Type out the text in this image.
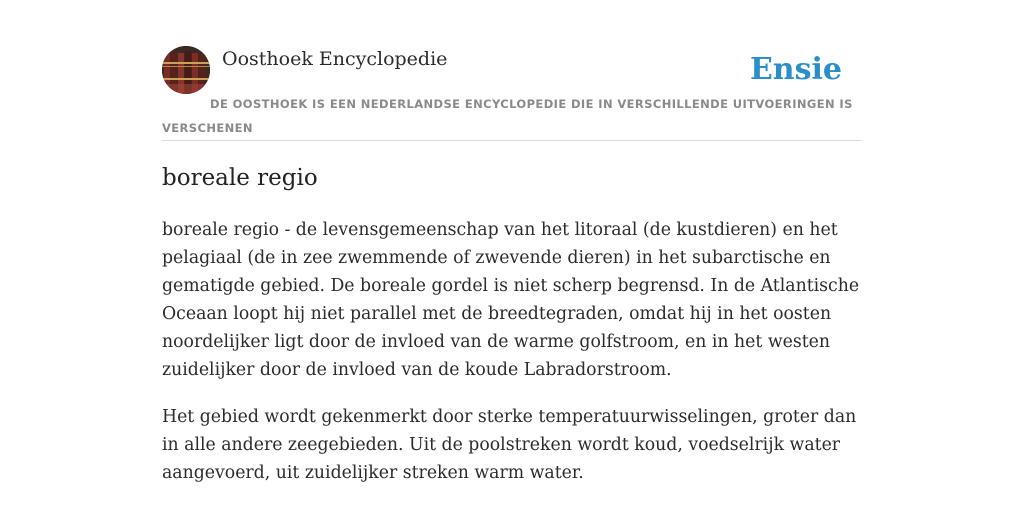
Oosthoek Encyclopedie	Ensie
DE OOSTHOEK IS EEN NEDERLANDSE ENCYCLOPEDIE DIE IN VERSCHILLENDE UITVOERINGEN IS VERSCHENEN
boreale regio

boreale regio - de levensgemeenschap van het litoraal (de kustdieren) en het pelagiaal (de in zee zwemmende of zwevende dieren) in het subarctische en gematigde gebied. De boreale gordel is niet scherp begrensd. In de Atlantische Oceaan loopt hij niet parallel met de breedtegraden, omdat hij in het oosten noordelijker ligt door de invloed van de warme golfstroom, en in het westen zuidelijker door de invloed van de koude Labradorstroom.

Het gebied wordt gekenmerkt door sterke temperatuurwisselingen, groter dan in alle andere zeegebieden. Uit de poolstreken wordt koud, voedselrijk water aangevoerd, uit zuidelijker streken warm water.
